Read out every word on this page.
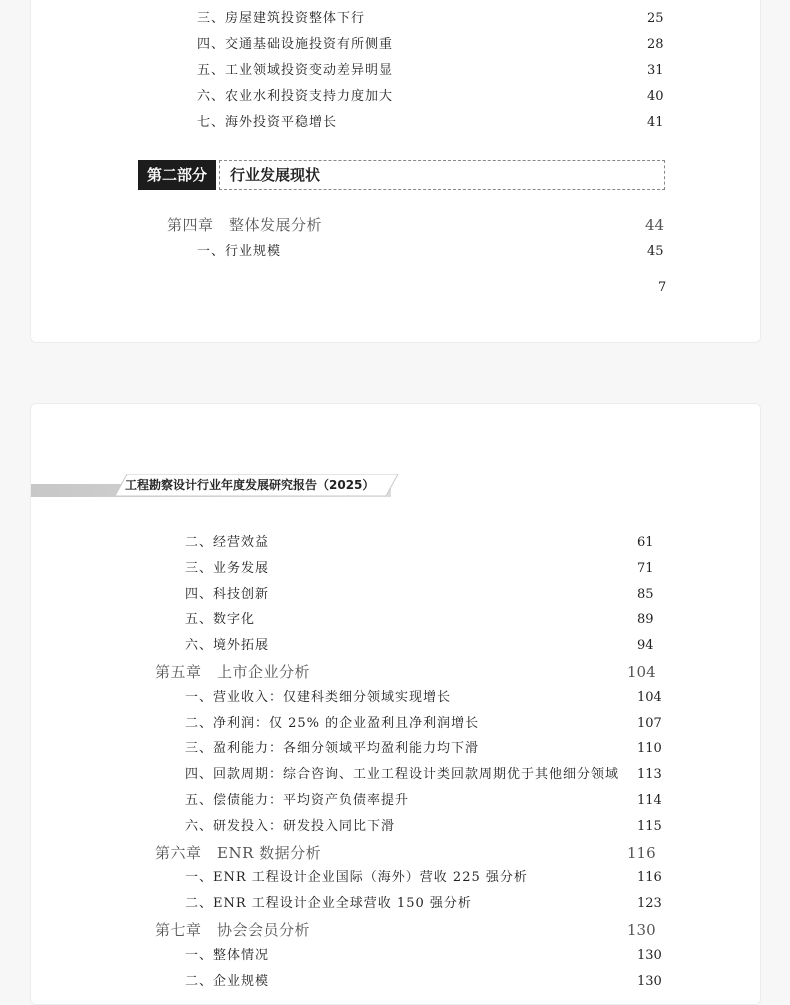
三、房屋建筑投资整体下行	25
四、交通基础设施投资有所侧重	28
五、工业领域投资变动差异明显	31
六、农业水利投资支持力度加大	40
七、海外投资平稳增长	41
第二部分	行业发展现状
第四章　整体发展分析	44
一、行业规模	45
7
工程勘察设计行业年度发展研究报告（2025）
二、经营效益	61
三、业务发展	71
四、科技创新	85
五、数字化	89
六、境外拓展	94
第五章　上市企业分析	104
一、营业收入：仅建科类细分领域实现增长	104
二、净利润：仅 25% 的企业盈利且净利润增长	107
三、盈利能力：各细分领域平均盈利能力均下滑	110
四、回款周期：综合咨询、工业工程设计类回款周期优于其他细分领域 113
五、偿债能力：平均资产负债率提升	114
六、研发投入：研发投入同比下滑	115
第六章　ENR 数据分析	116
一、ENR 工程设计企业国际（海外）营收 225 强分析	116
二、ENR 工程设计企业全球营收 150 强分析	123
第七章　协会会员分析	130
一、整体情况	130
二、企业规模	130
